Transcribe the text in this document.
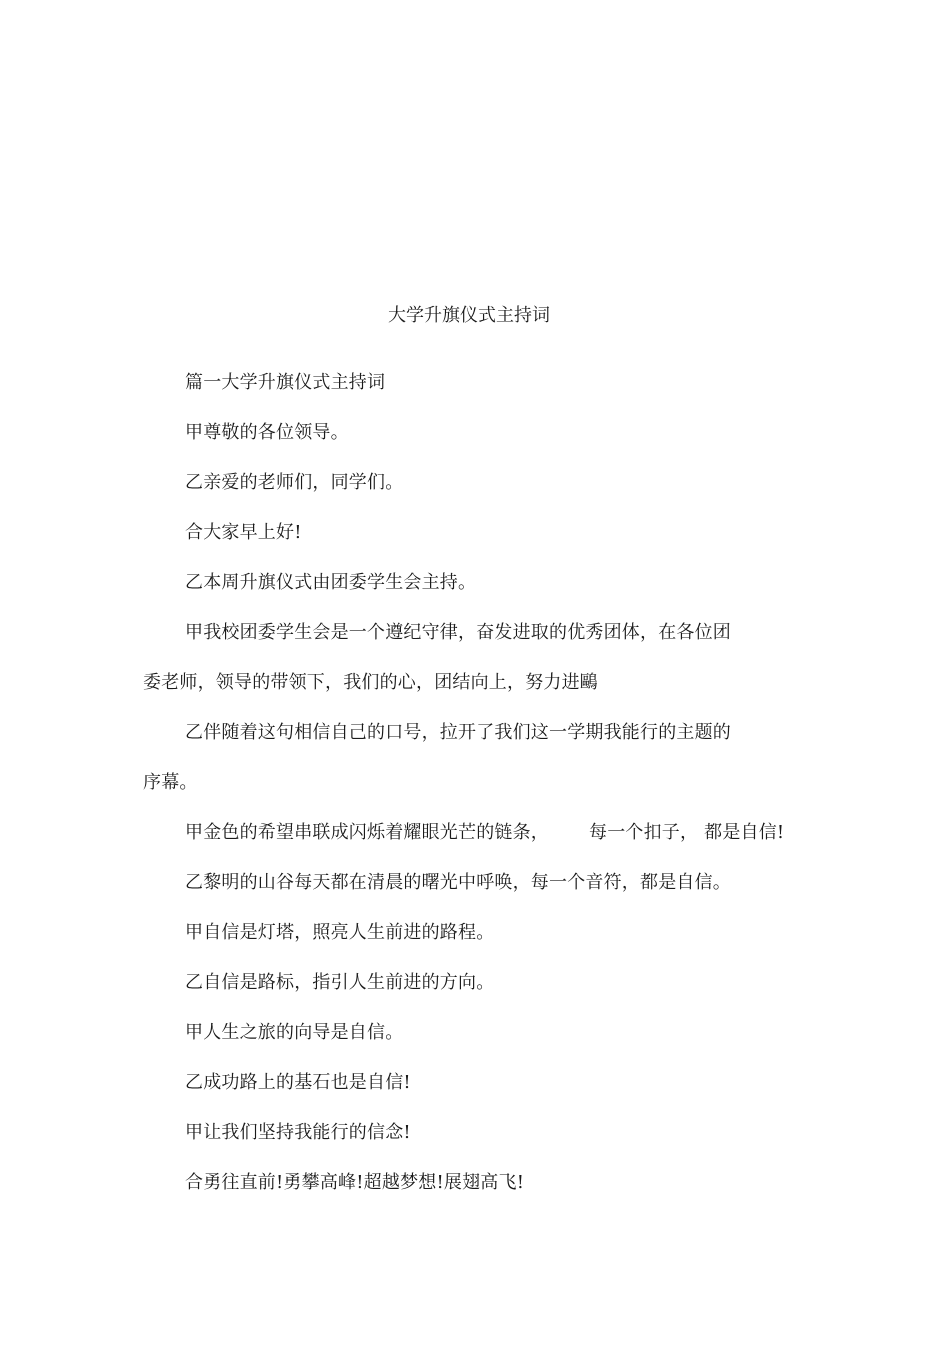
大学升旗仪式主持词
篇一大学升旗仪式主持词
甲尊敬的各位领导。
乙亲爱的老师们，同学们。
合大家早上好!
乙本周升旗仪式由团委学生会主持。
甲我校团委学生会是一个遵纪守律，奋发进取的优秀团体，在各位团
委老师，领导的带领下，我们的心，团结向上，努力进鷗
乙伴随着这句相信自己的口号，拉开了我们这一学期我能行的主题的
序幕。
甲金色的希望串联成闪烁着耀眼光芒的链条， 每一个扣子， 都是自信!
乙黎明的山谷每天都在清晨的曙光中呼唤，每一个音符，都是自信。
甲自信是灯塔，照亮人生前进的路程。
乙自信是路标，指引人生前进的方向。
甲人生之旅的向导是自信。
乙成功路上的基石也是自信!
甲让我们坚持我能行的信念!
合勇往直前!勇攀高峰!超越梦想!展翅高飞!
